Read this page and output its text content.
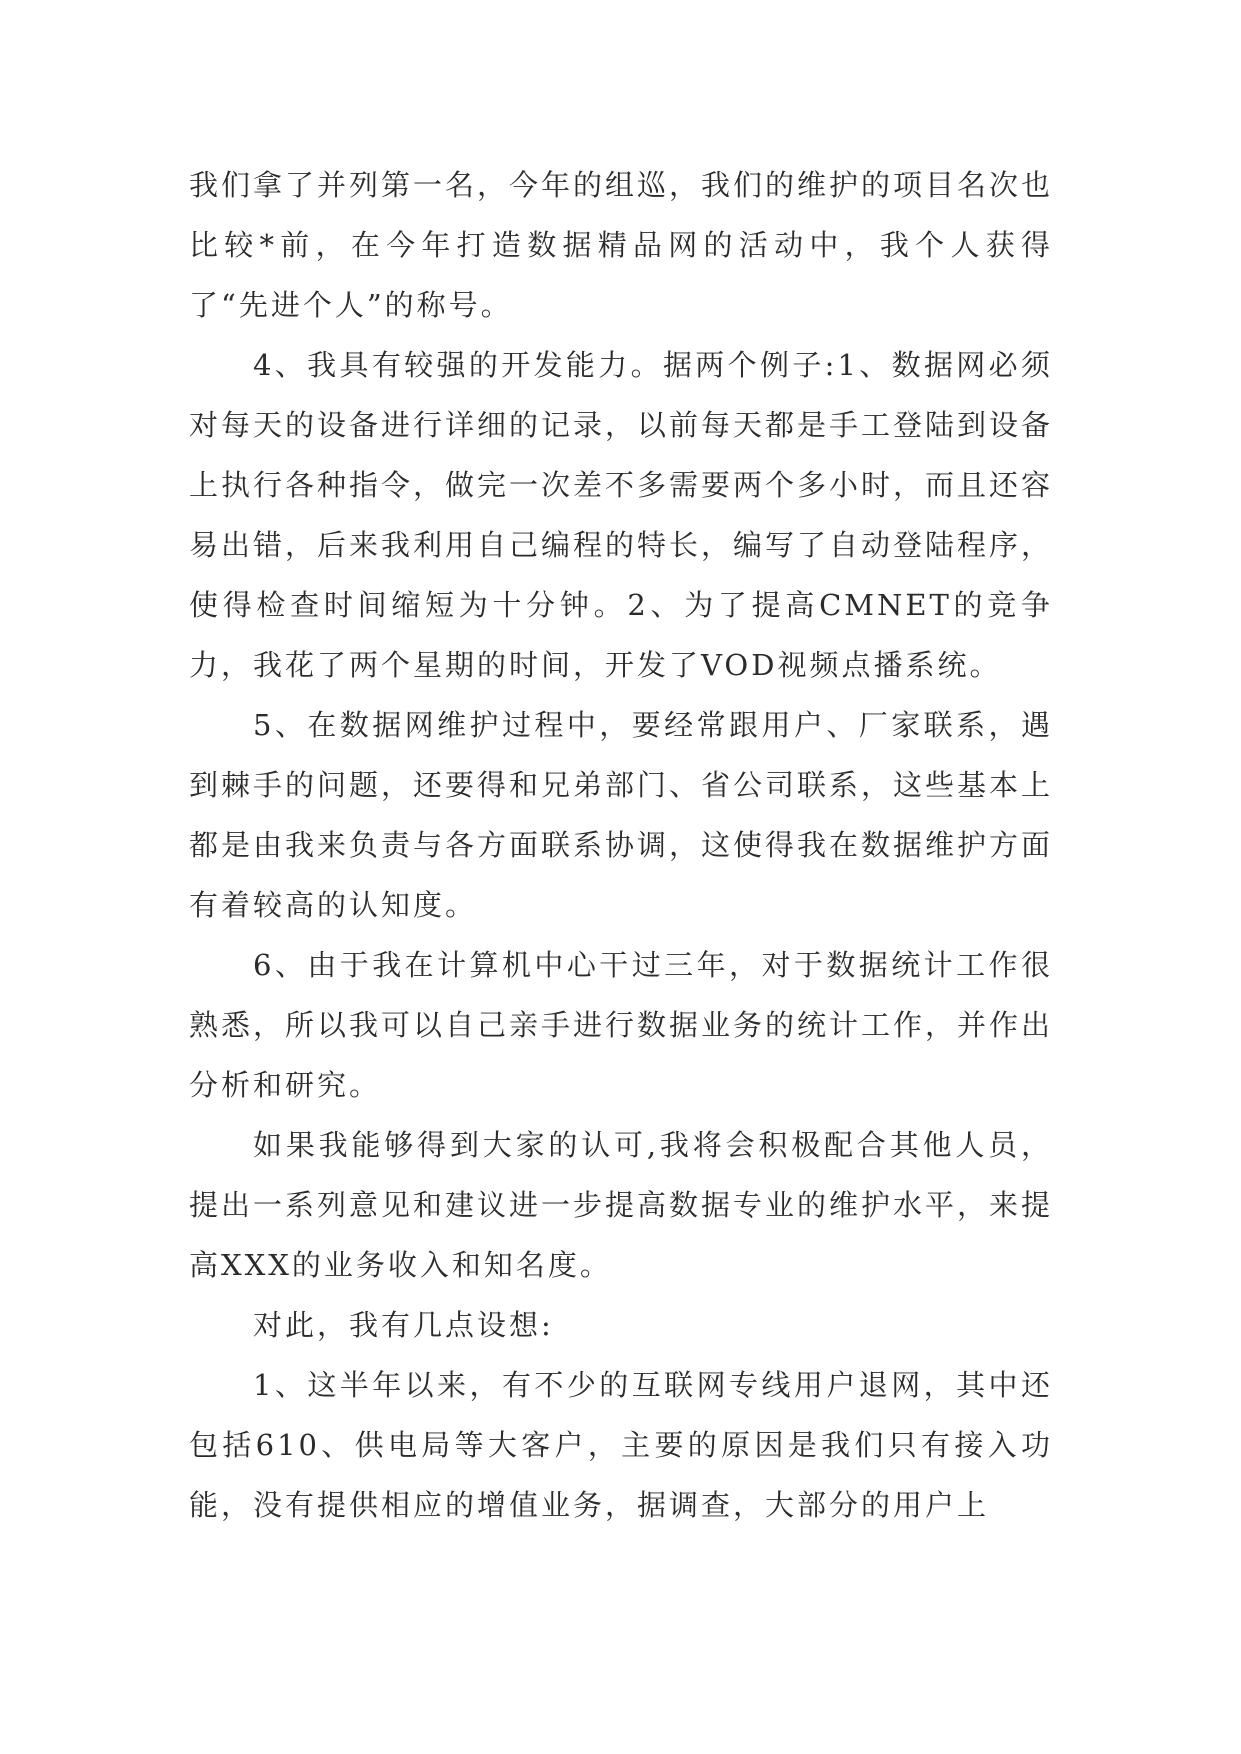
我们拿了并列第一名，今年的组巡，我们的维护的项目名次也比较*前，在今年打造数据精品网的活动中，我个人获得了“先进个人”的称号。

4、我具有较强的开发能力。据两个例子:1、数据网必须对每天的设备进行详细的记录，以前每天都是手工登陆到设备上执行各种指令，做完一次差不多需要两个多小时，而且还容易出错，后来我利用自己编程的特长，编写了自动登陆程序，使得检查时间缩短为十分钟。2、为了提高CMNET的竞争力，我花了两个星期的时间，开发了VOD视频点播系统。

5、在数据网维护过程中，要经常跟用户、厂家联系，遇到棘手的问题，还要得和兄弟部门、省公司联系，这些基本上都是由我来负责与各方面联系协调，这使得我在数据维护方面有着较高的认知度。

6、由于我在计算机中心干过三年，对于数据统计工作很熟悉，所以我可以自己亲手进行数据业务的统计工作，并作出分析和研究。

如果我能够得到大家的认可,我将会积极配合其他人员，提出一系列意见和建议进一步提高数据专业的维护水平，来提高XXX的业务收入和知名度。

对此，我有几点设想:

1、这半年以来，有不少的互联网专线用户退网，其中还包括610、供电局等大客户，主要的原因是我们只有接入功能，没有提供相应的增值业务，据调查，大部分的用户上
